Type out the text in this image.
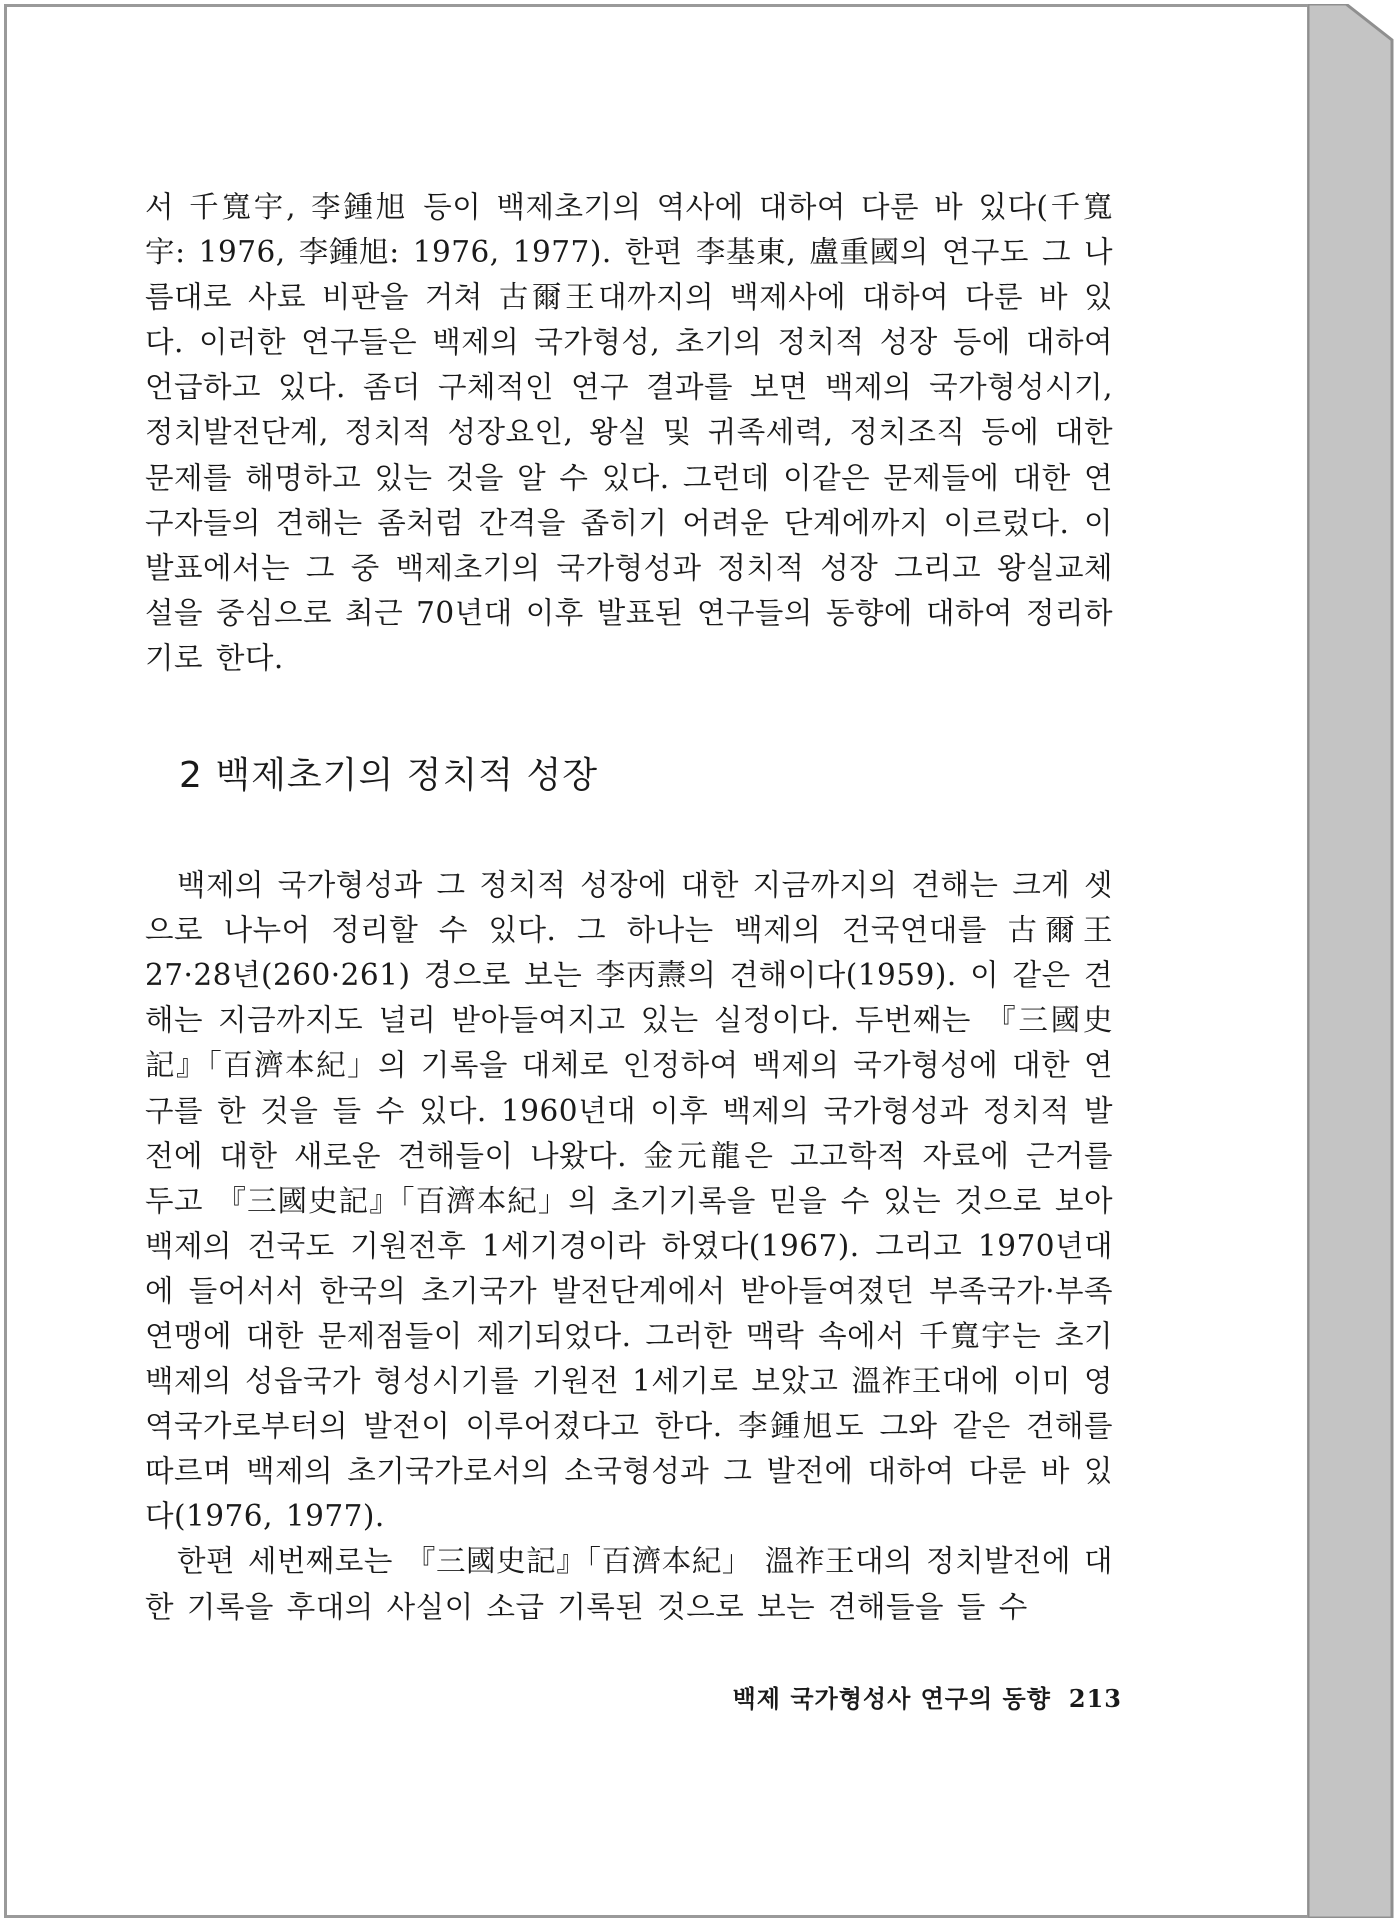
서 千寬宇, 李鍾旭 등이 백제초기의 역사에 대하여 다룬 바 있다(千寬宇: 1976, 李鍾旭: 1976, 1977). 한편 李基東, 盧重國의 연구도 그 나름대로 사료 비판을 거쳐 古爾王대까지의 백제사에 대하여 다룬 바 있다. 이러한 연구들은 백제의 국가형성, 초기의 정치적 성장 등에 대하여 언급하고 있다. 좀더 구체적인 연구 결과를 보면 백제의 국가형성시기, 정치발전단계, 정치적 성장요인, 왕실 및 귀족세력, 정치조직 등에 대한 문제를 해명하고 있는 것을 알 수 있다. 그런데 이같은 문제들에 대한 연구자들의 견해는 좀처럼 간격을 좁히기 어려운 단계에까지 이르렀다. 이 발표에서는 그 중 백제초기의 국가형성과 정치적 성장 그리고 왕실교체설을 중심으로 최근 70년대 이후 발표된 연구들의 동향에 대하여 정리하기로 한다.

2 백제초기의 정치적 성장

백제의 국가형성과 그 정치적 성장에 대한 지금까지의 견해는 크게 셋으로 나누어 정리할 수 있다. 그 하나는 백제의 건국연대를 古爾王 27·28년(260·261) 경으로 보는 李丙燾의 견해이다(1959). 이 같은 견해는 지금까지도 널리 받아들여지고 있는 실정이다. 두번째는 『三國史記』「百濟本紀」의 기록을 대체로 인정하여 백제의 국가형성에 대한 연구를 한 것을 들 수 있다. 1960년대 이후 백제의 국가형성과 정치적 발전에 대한 새로운 견해들이 나왔다. 金元龍은 고고학적 자료에 근거를 두고 『三國史記』「百濟本紀」의 초기기록을 믿을 수 있는 것으로 보아 백제의 건국도 기원전후 1세기경이라 하였다(1967). 그리고 1970년대에 들어서서 한국의 초기국가 발전단계에서 받아들여졌던 부족국가·부족연맹에 대한 문제점들이 제기되었다. 그러한 맥락 속에서 千寬宇는 초기백제의 성읍국가 형성시기를 기원전 1세기로 보았고 溫祚王대에 이미 영역국가로부터의 발전이 이루어졌다고 한다. 李鍾旭도 그와 같은 견해를 따르며 백제의 초기국가로서의 소국형성과 그 발전에 대하여 다룬 바 있다(1976, 1977).

한편 세번째로는 『三國史記』「百濟本紀」 溫祚王대의 정치발전에 대한 기록을 후대의 사실이 소급 기록된 것으로 보는 견해들을 들 수

백제 국가형성사 연구의 동향 213
